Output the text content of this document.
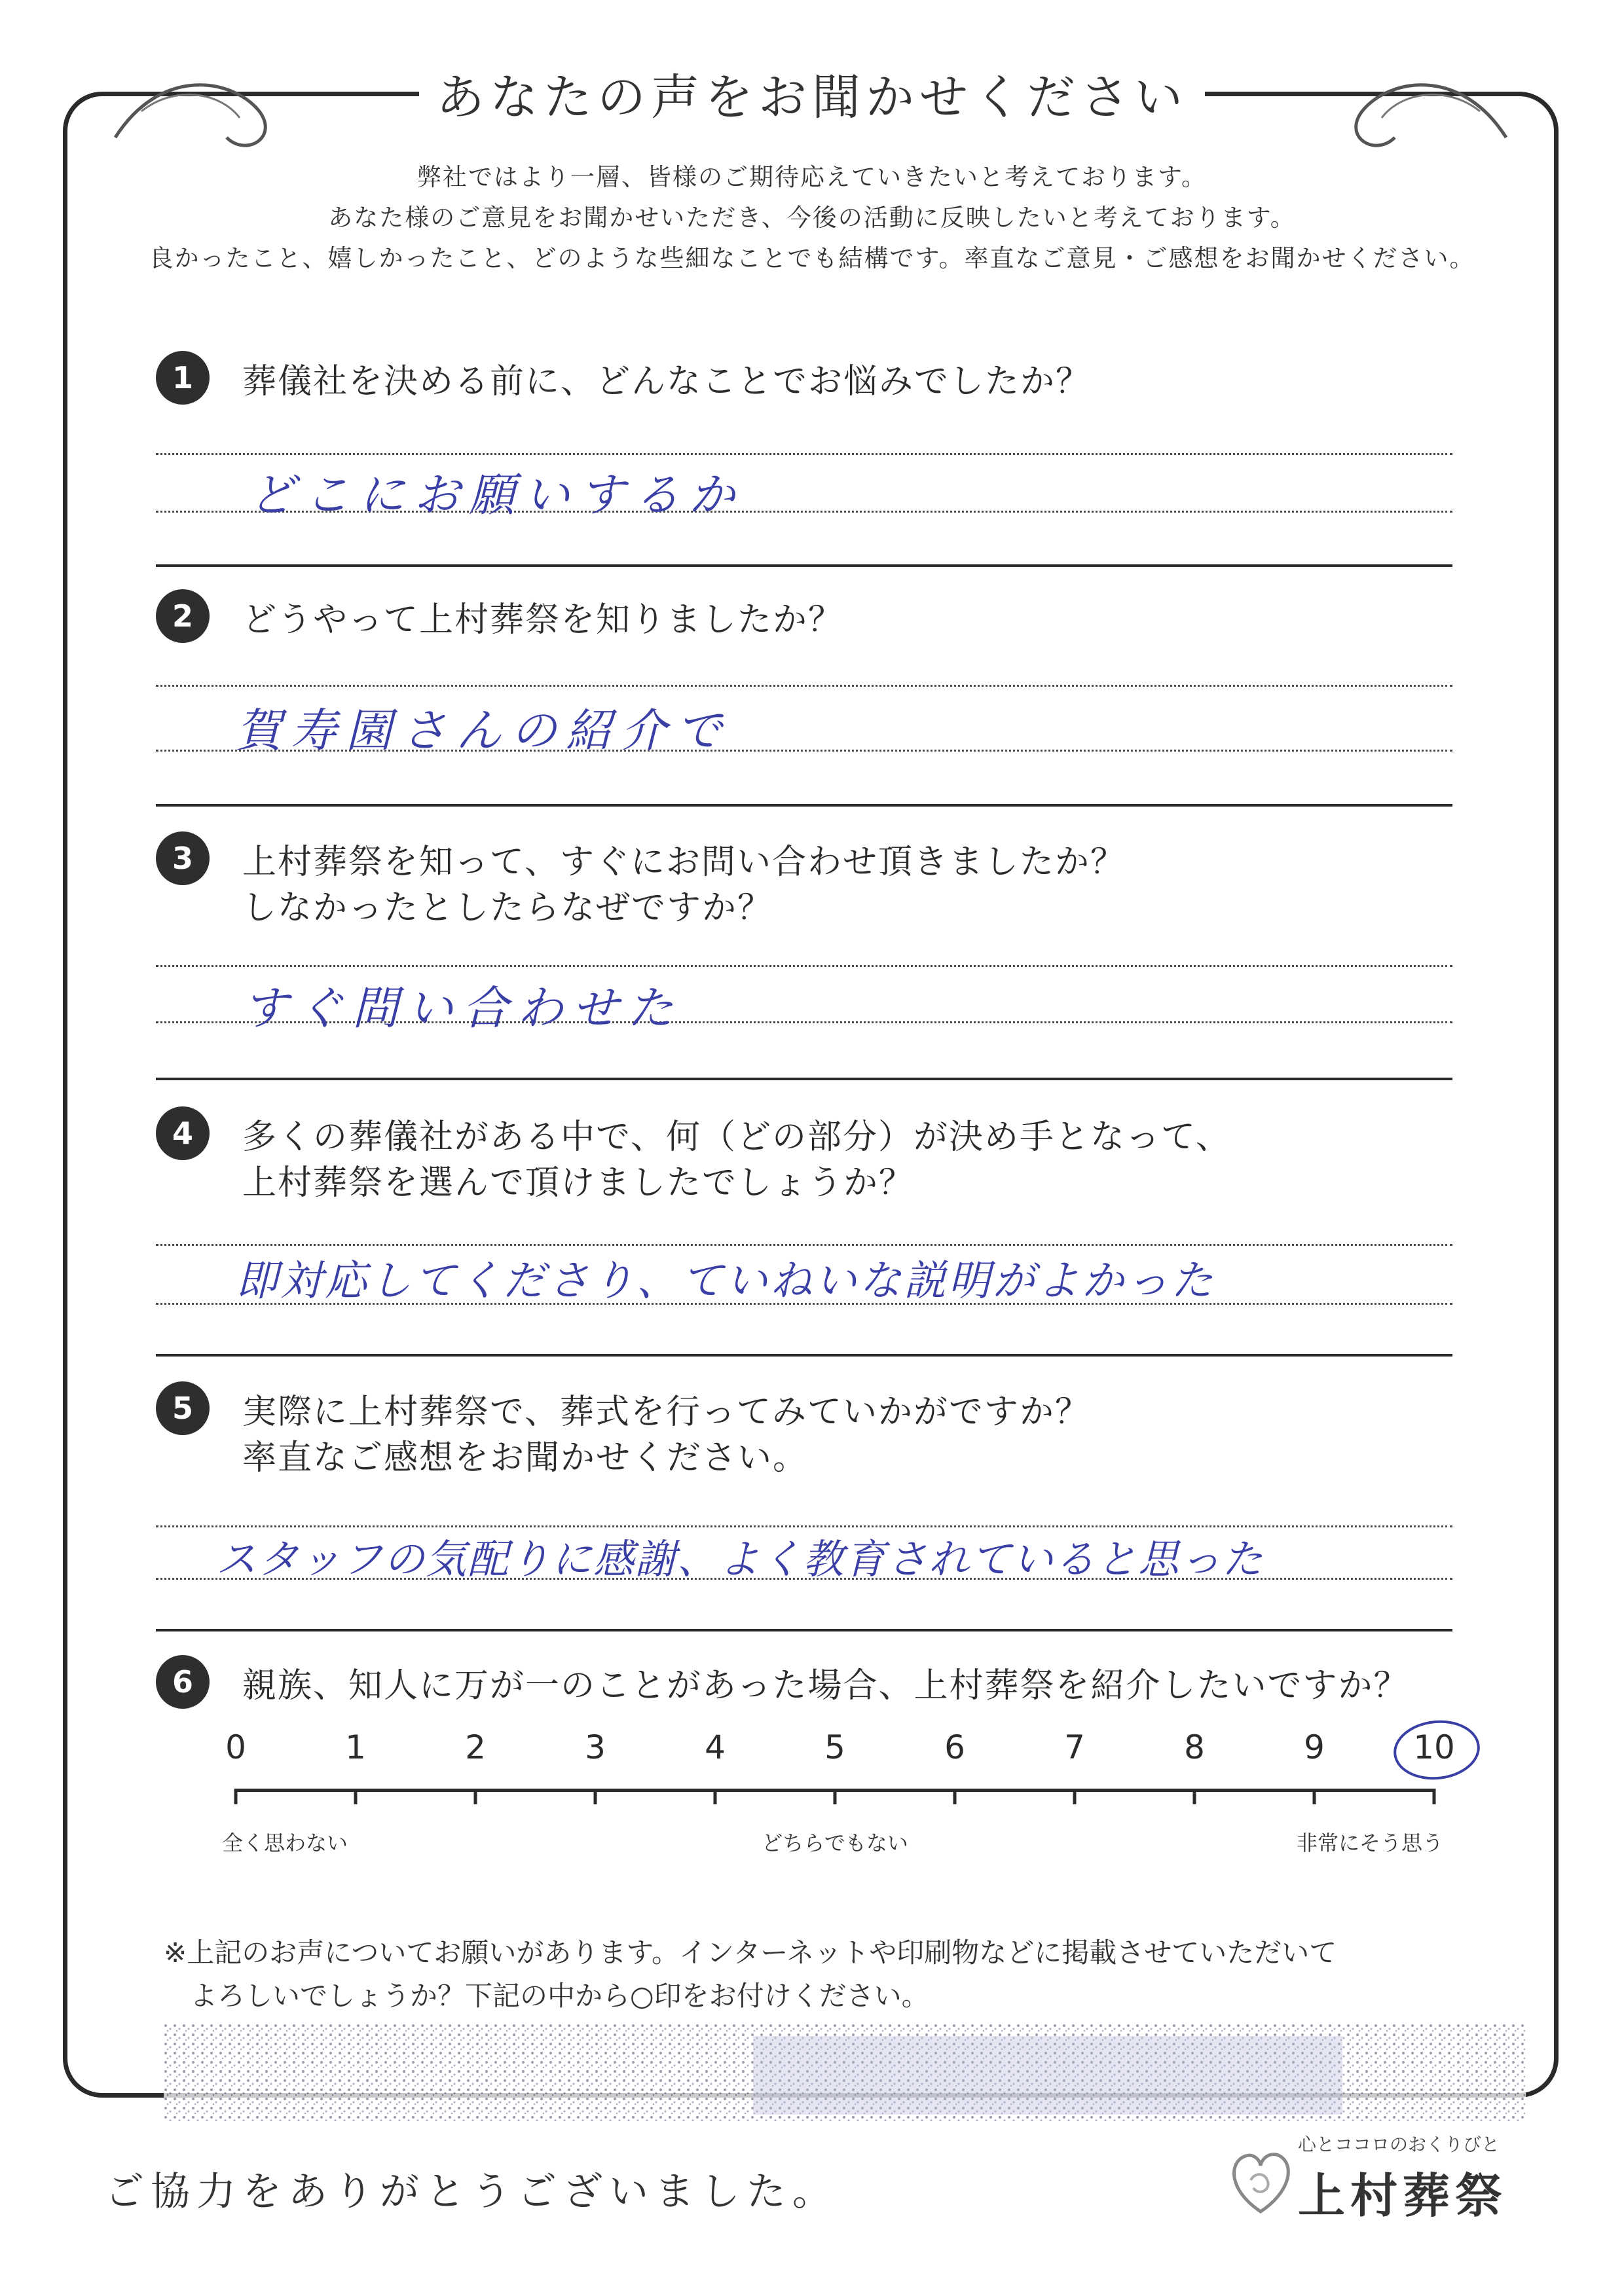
あなたの声をお聞かせください
弊社ではより一層、皆様のご期待応えていきたいと考えております。
あなた様のご意見をお聞かせいただき、今後の活動に反映したいと考えております。
良かったこと、嬉しかったこと、どのような些細なことでも結構です。率直なご意見・ご感想をお聞かせください。
1	葬儀社を決める前に、どんなことでお悩みでしたか？
どこにお願いするか
2	どうやって上村葬祭を知りましたか？
賀寿園さんの紹介で
3	上村葬祭を知って、すぐにお問い合わせ頂きましたか？
しなかったとしたらなぜですか？
すぐ問い合わせた
4	多くの葬儀社がある中で、何（どの部分）が決め手となって、
上村葬祭を選んで頂けましたでしょうか？
即対応してくださり、ていねいな説明がよかった
5	実際に上村葬祭で、葬式を行ってみていかがですか？
率直なご感想をお聞かせください。
スタッフの気配りに感謝、よく教育されていると思った
6	親族、知人に万が一のことがあった場合、上村葬祭を紹介したいですか？
0	1	2	3	4	5	6	7	8	9	10
全く思わない	どちらでもない	非常にそう思う
※上記のお声についてお願いがあります。インターネットや印刷物などに掲載させていただいて
よろしいでしょうか？下記の中から○印をお付けください。
ご協力をありがとうございました。
心とココロのおくりびと
上村葬祭
